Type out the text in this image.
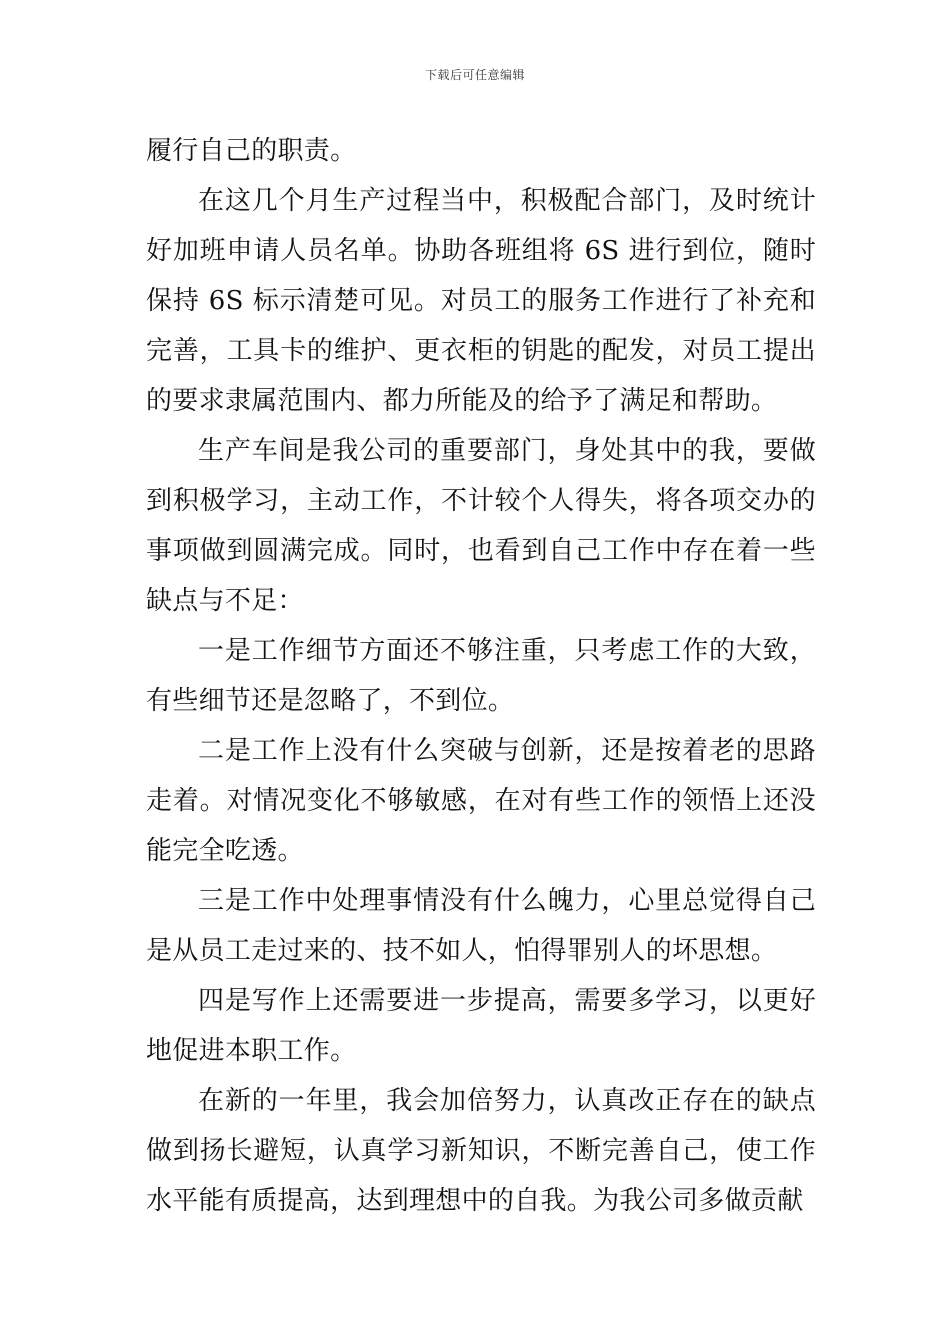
下载后可任意编辑

履行自己的职责。

在这几个月生产过程当中，积极配合部门，及时统计好加班申请人员名单。协助各班组将 6S 进行到位，随时保持 6S 标示清楚可见。对员工的服务工作进行了补充和完善，工具卡的维护、更衣柜的钥匙的配发，对员工提出的要求隶属范围内、都力所能及的给予了满足和帮助。

生产车间是我公司的重要部门，身处其中的我，要做到积极学习，主动工作，不计较个人得失，将各项交办的事项做到圆满完成。同时，也看到自己工作中存在着一些缺点与不足：

一是工作细节方面还不够注重，只考虑工作的大致，有些细节还是忽略了，不到位。

二是工作上没有什么突破与创新，还是按着老的思路走着。对情况变化不够敏感，在对有些工作的领悟上还没能完全吃透。

三是工作中处理事情没有什么魄力，心里总觉得自己是从员工走过来的、技不如人，怕得罪别人的坏思想。

四是写作上还需要进一步提高，需要多学习，以更好地促进本职工作。

在新的一年里，我会加倍努力，认真改正存在的缺点做到扬长避短，认真学习新知识，不断完善自己，使工作水平能有质提高，达到理想中的自我。为我公司多做贡献
